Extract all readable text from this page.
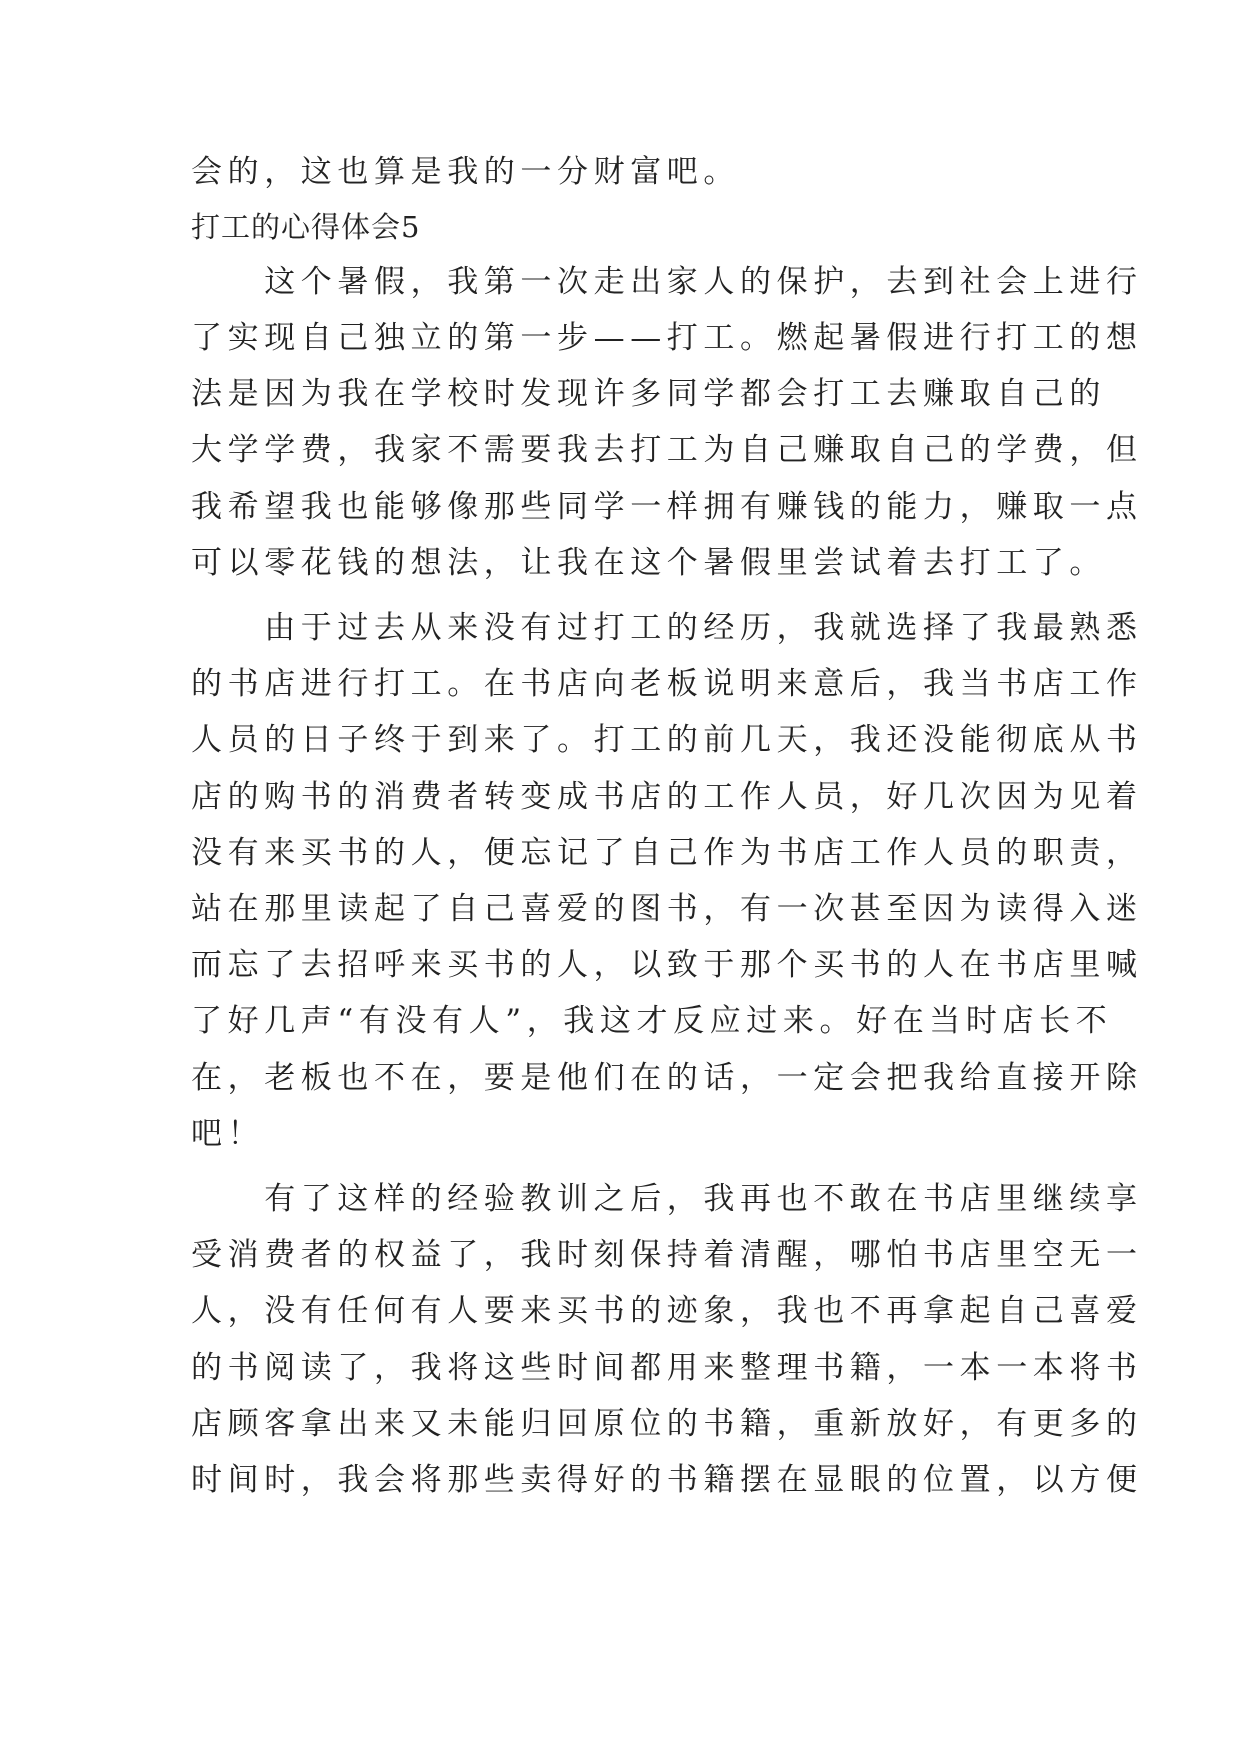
会的，这也算是我的一分财富吧。
打工的心得体会5
　　这个暑假，我第一次走出家人的保护，去到社会上进行
了实现自己独立的第一步——打工。燃起暑假进行打工的想
法是因为我在学校时发现许多同学都会打工去赚取自己的
大学学费，我家不需要我去打工为自己赚取自己的学费，但
我希望我也能够像那些同学一样拥有赚钱的能力，赚取一点
可以零花钱的想法，让我在这个暑假里尝试着去打工了。
　　由于过去从来没有过打工的经历，我就选择了我最熟悉
的书店进行打工。在书店向老板说明来意后，我当书店工作
人员的日子终于到来了。打工的前几天，我还没能彻底从书
店的购书的消费者转变成书店的工作人员，好几次因为见着
没有来买书的人，便忘记了自己作为书店工作人员的职责，
站在那里读起了自己喜爱的图书，有一次甚至因为读得入迷
而忘了去招呼来买书的人，以致于那个买书的人在书店里喊
了好几声“有没有人”，我这才反应过来。好在当时店长不
在，老板也不在，要是他们在的话，一定会把我给直接开除
吧！
　　有了这样的经验教训之后，我再也不敢在书店里继续享
受消费者的权益了，我时刻保持着清醒，哪怕书店里空无一
人，没有任何有人要来买书的迹象，我也不再拿起自己喜爱
的书阅读了，我将这些时间都用来整理书籍，一本一本将书
店顾客拿出来又未能归回原位的书籍，重新放好，有更多的
时间时，我会将那些卖得好的书籍摆在显眼的位置，以方便
